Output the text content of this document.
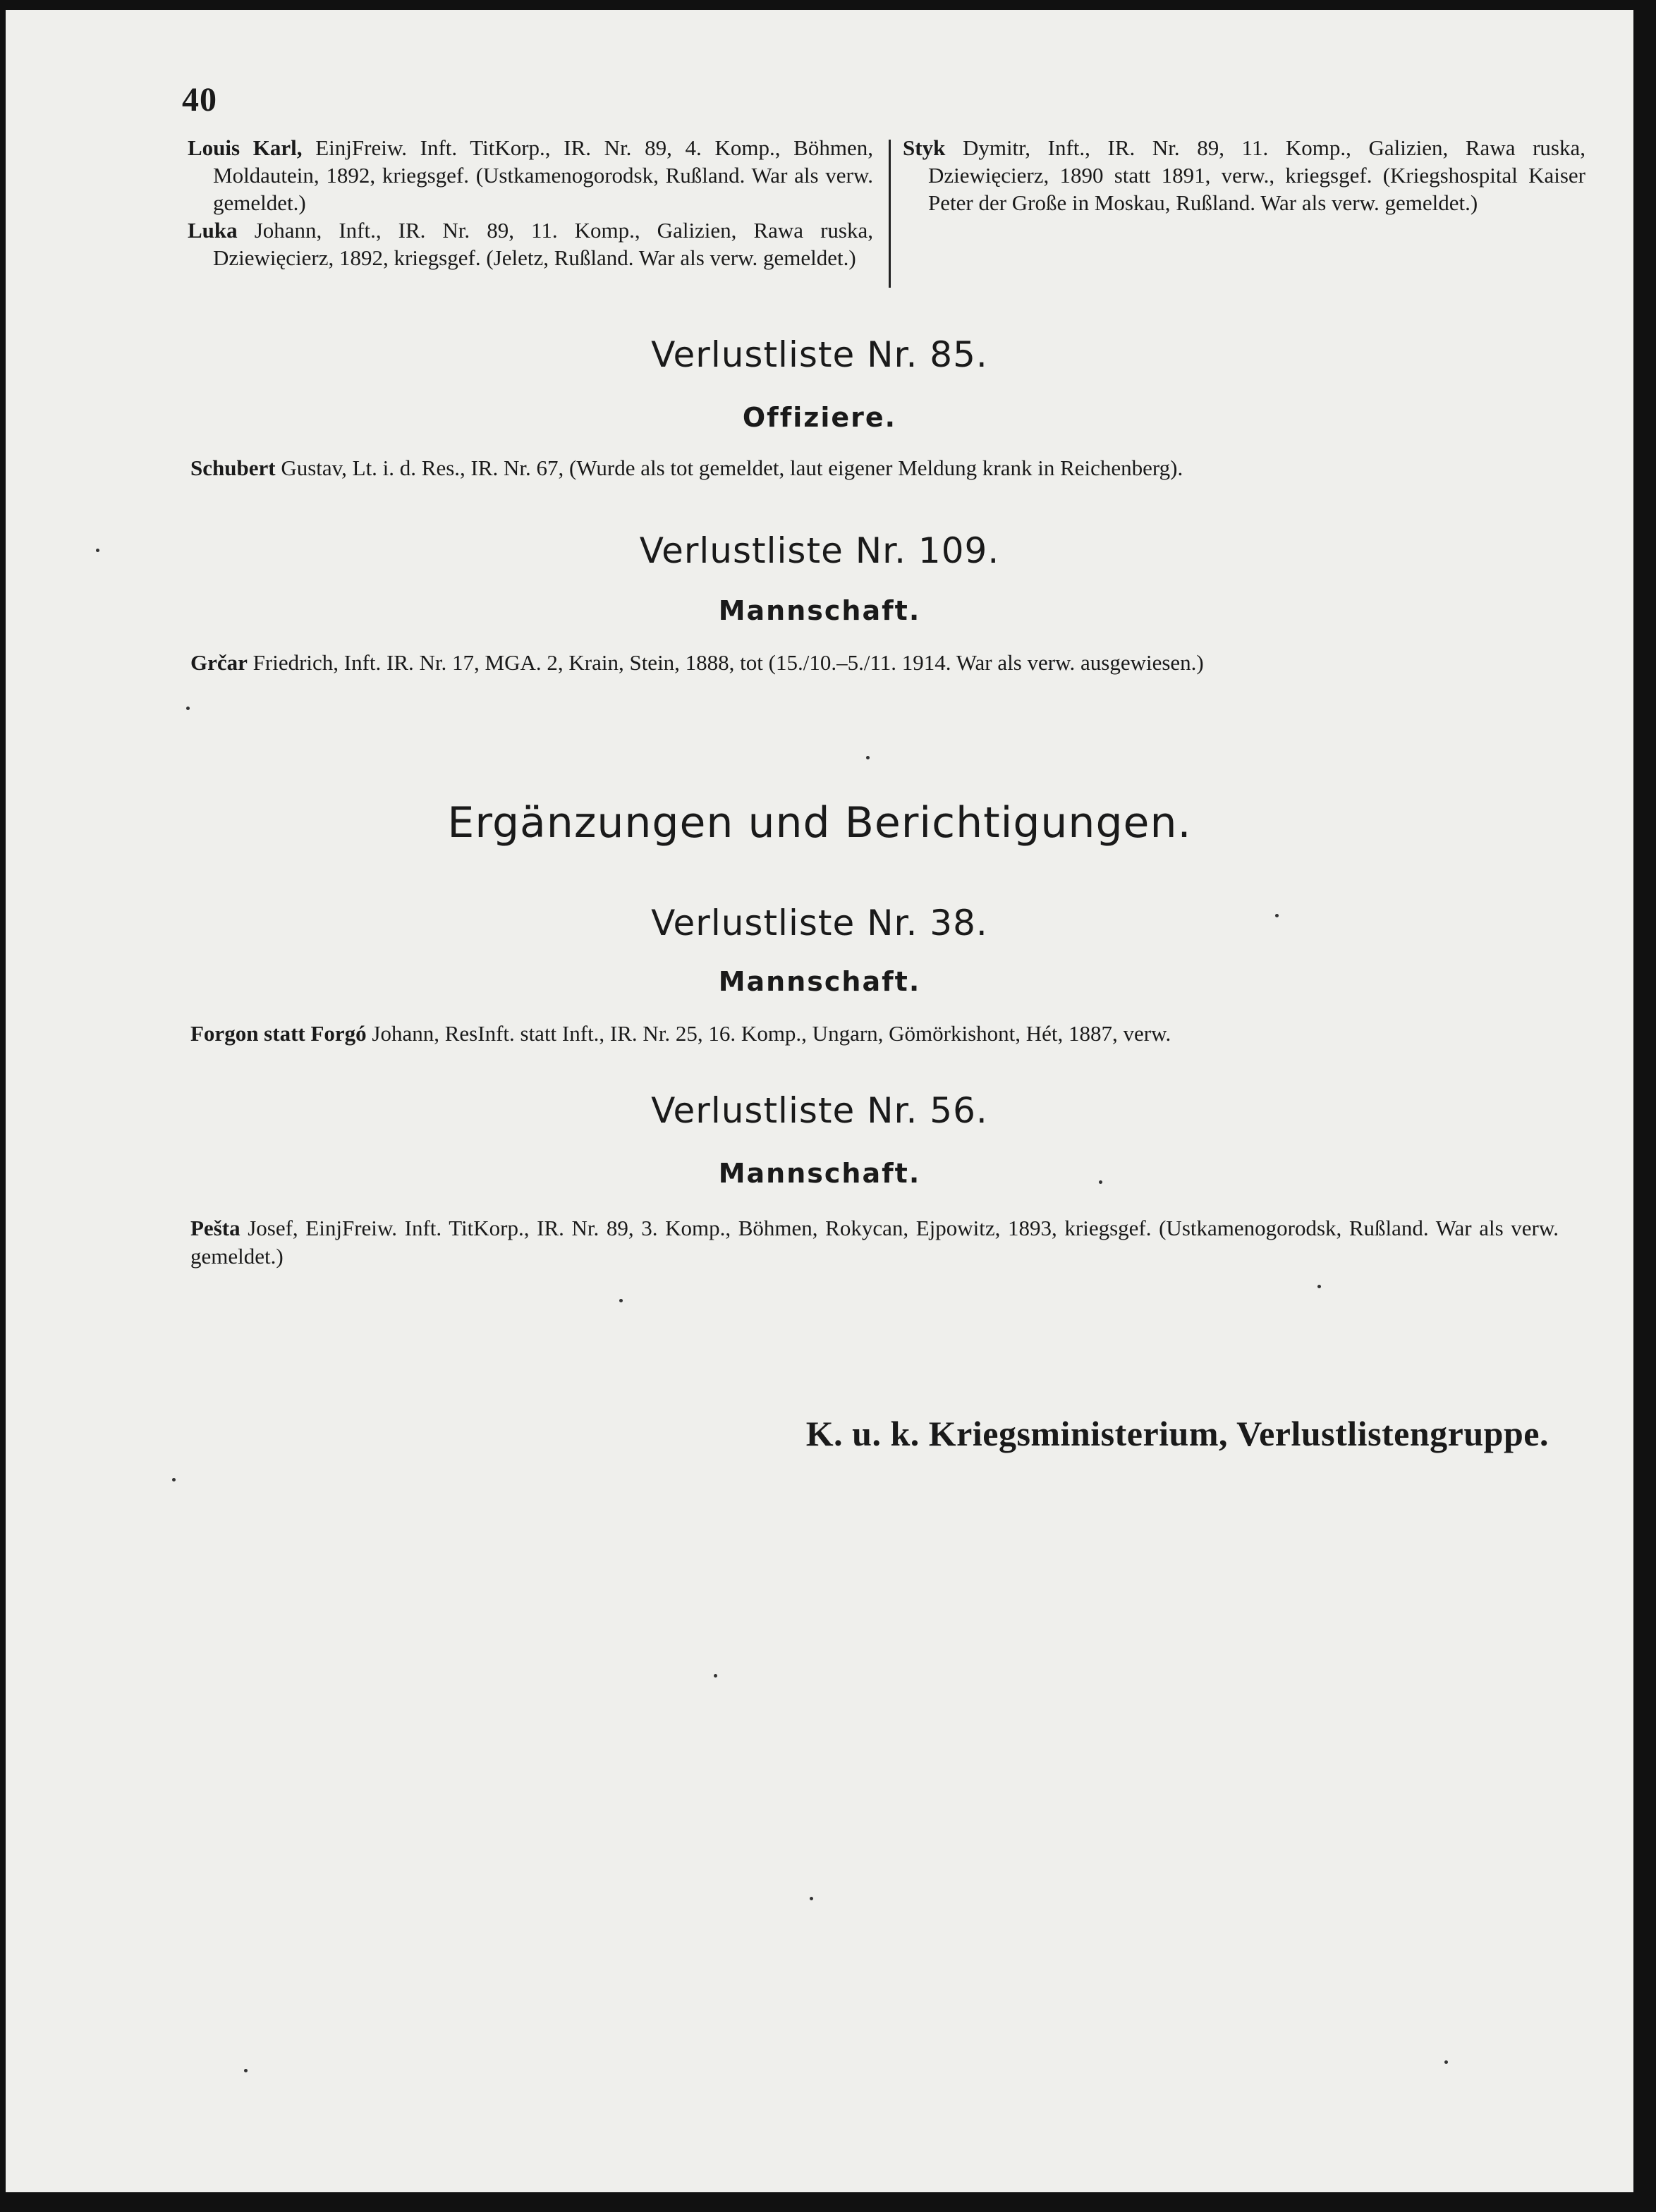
40

Louis Karl, EinjFreiw. Inft. TitKorp., IR. Nr. 89, 4. Komp., Böhmen, Moldautein, 1892, kriegsgef. (Ustkamenogorodsk, Rußland. War als verw. gemeldet.)

Luka Johann, Inft., IR. Nr. 89, 11. Komp., Galizien, Rawa ruska, Dziewięcierz, 1892, kriegsgef. (Jeletz, Rußland. War als verw. gemeldet.)

Styk Dymitr, Inft., IR. Nr. 89, 11. Komp., Galizien, Rawa ruska, Dziewięcierz, 1890 statt 1891, verw., kriegsgef. (Kriegshospital Kaiser Peter der Große in Moskau, Rußland. War als verw. gemeldet.)

Verlustliste Nr. 85.
Offiziere.
Schubert Gustav, Lt. i. d. Res., IR. Nr. 67, (Wurde als tot gemeldet, laut eigener Meldung krank in Reichenberg).
Verlustliste Nr. 109.
Mannschaft.
Grčar Friedrich, Inft. IR. Nr. 17, MGA. 2, Krain, Stein, 1888, tot (15./10.–5./11. 1914. War als verw. ausgewiesen.)
Ergänzungen und Berichtigungen.
Verlustliste Nr. 38.
Mannschaft.
Forgon statt Forgó Johann, ResInft. statt Inft., IR. Nr. 25, 16. Komp., Ungarn, Gömörkishont, Hét, 1887, verw.
Verlustliste Nr. 56.
Mannschaft.
Pešta Josef, EinjFreiw. Inft. TitKorp., IR. Nr. 89, 3. Komp., Böhmen, Rokycan, Ejpowitz, 1893, kriegsgef. (Ustkamenogorodsk, Rußland. War als verw. gemeldet.)
K. u. k. Kriegsministerium, Verlustlistengruppe.
